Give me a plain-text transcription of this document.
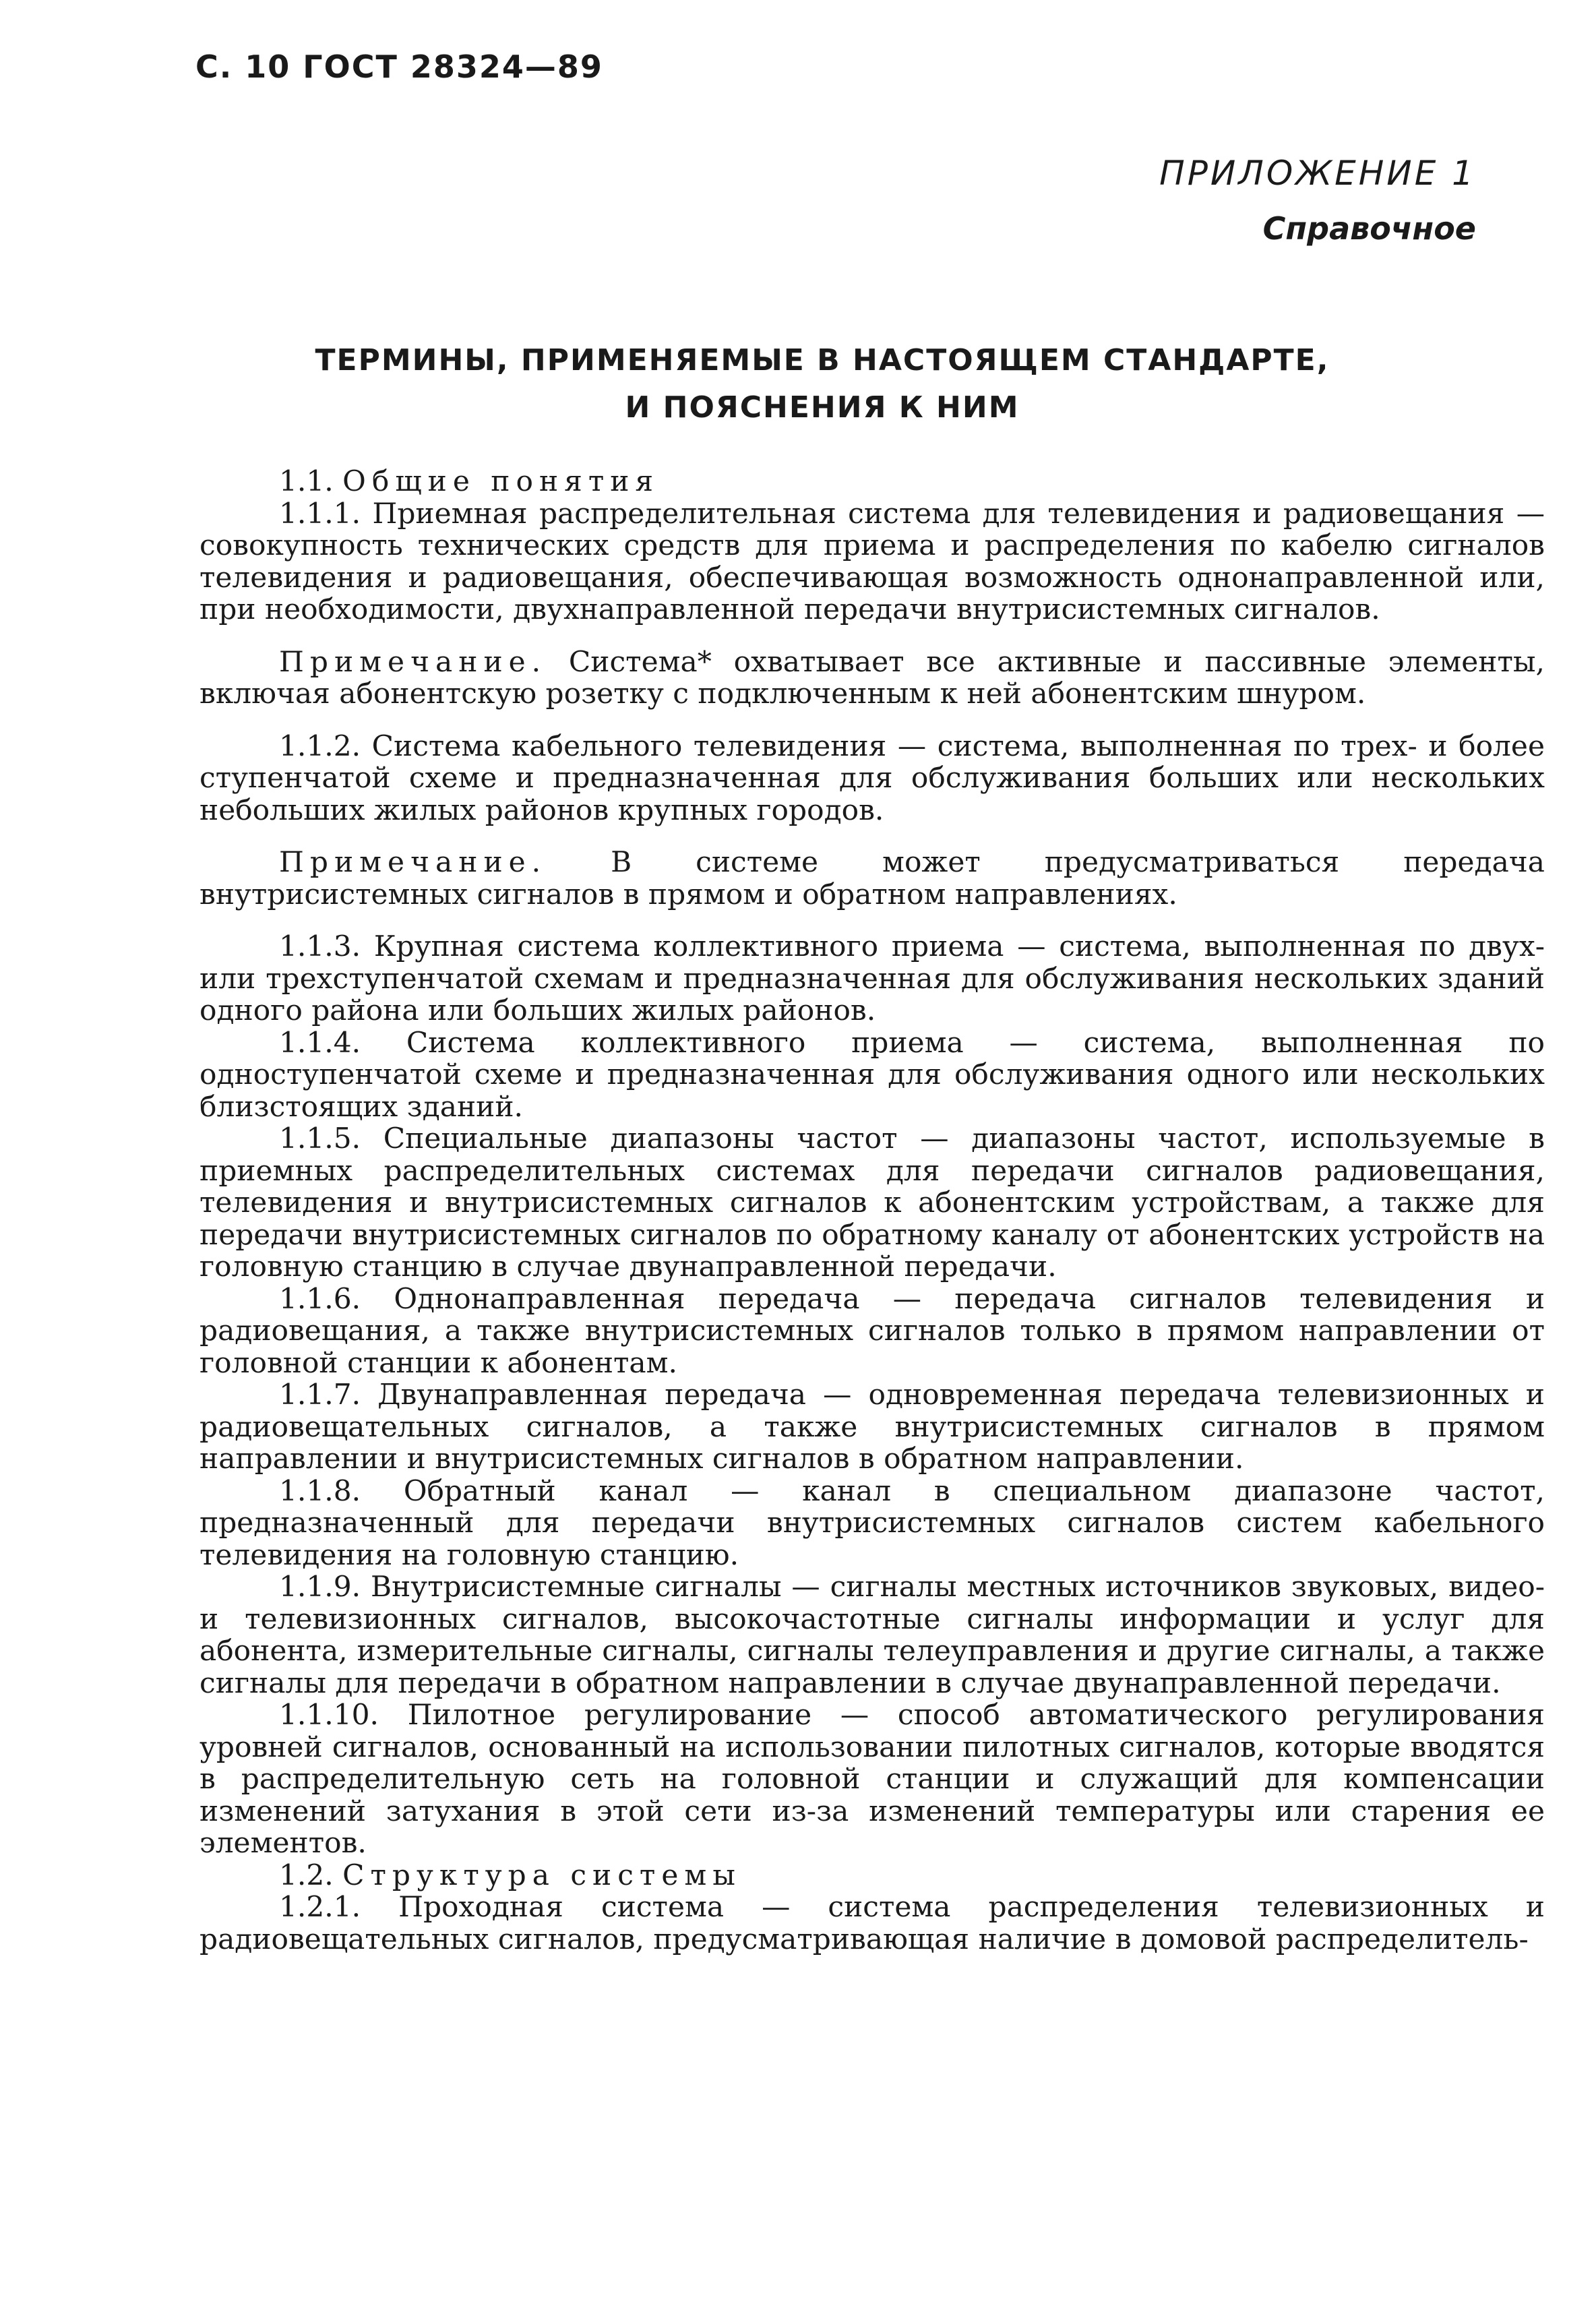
С. 10 ГОСТ 28324—89
ПРИЛОЖЕНИЕ 1
Справочное
ТЕРМИНЫ, ПРИМЕНЯЕМЫЕ В НАСТОЯЩЕМ СТАНДАРТЕ,
И ПОЯСНЕНИЯ К НИМ

1.1. Общие понятия

1.1.1. Приемная распределительная система для телевидения и радиовещания — совокупность технических средств для приема и распределения по кабелю сигналов телевидения и радиовещания, обеспечивающая возможность однонаправленной или, при необходимости, двухнаправленной передачи внутрисистемных сигналов.

Примечание. Система* охватывает все активные и пассивные элементы, включая абонентскую розетку с подключенным к ней абонентским шнуром.

1.1.2. Система кабельного телевидения — система, выполненная по трех- и более ступенчатой схеме и предназначенная для обслуживания больших или нескольких небольших жилых районов крупных городов.

Примечание. В системе может предусматриваться передача внутрисистемных сигналов в прямом и обратном направлениях.

1.1.3. Крупная система коллективного приема — система, выполненная по двух- или трехступенчатой схемам и предназначенная для обслуживания нескольких зданий одного района или больших жилых районов.

1.1.4. Система коллективного приема — система, выполненная по одноступенчатой схеме и предназначенная для обслуживания одного или нескольких близстоящих зданий.

1.1.5. Специальные диапазоны частот — диапазоны частот, используемые в приемных распределительных системах для передачи сигналов радиовещания, телевидения и внутрисистемных сигналов к абонентским устройствам, а также для передачи внутрисистемных сигналов по обратному каналу от абонентских устройств на головную станцию в случае двунаправленной передачи.

1.1.6. Однонаправленная передача — передача сигналов телевидения и радиовещания, а также внутрисистемных сигналов только в прямом направлении от головной станции к абонентам.

1.1.7. Двунаправленная передача — одновременная передача телевизионных и радиовещательных сигналов, а также внутрисистемных сигналов в прямом направлении и внутрисистемных сигналов в обратном направлении.

1.1.8. Обратный канал — канал в специальном диапазоне частот, предназначенный для передачи внутрисистемных сигналов систем кабельного телевидения на головную станцию.

1.1.9. Внутрисистемные сигналы — сигналы местных источников звуковых, видео- и телевизионных сигналов, высокочастотные сигналы информации и услуг для абонента, измерительные сигналы, сигналы телеуправления и другие сигналы, а также сигналы для передачи в обратном направлении в случае двунаправленной передачи.

1.1.10. Пилотное регулирование — способ автоматического регулирования уровней сигналов, основанный на использовании пилотных сигналов, которые вводятся в распределительную сеть на головной станции и служащий для компенсации изменений затухания в этой сети из-за изменений температуры или старения ее элементов.

1.2. Структура системы

1.2.1. Проходная система — система распределения телевизионных и радиовещательных сигналов, предусматривающая наличие в домовой распределитель-
